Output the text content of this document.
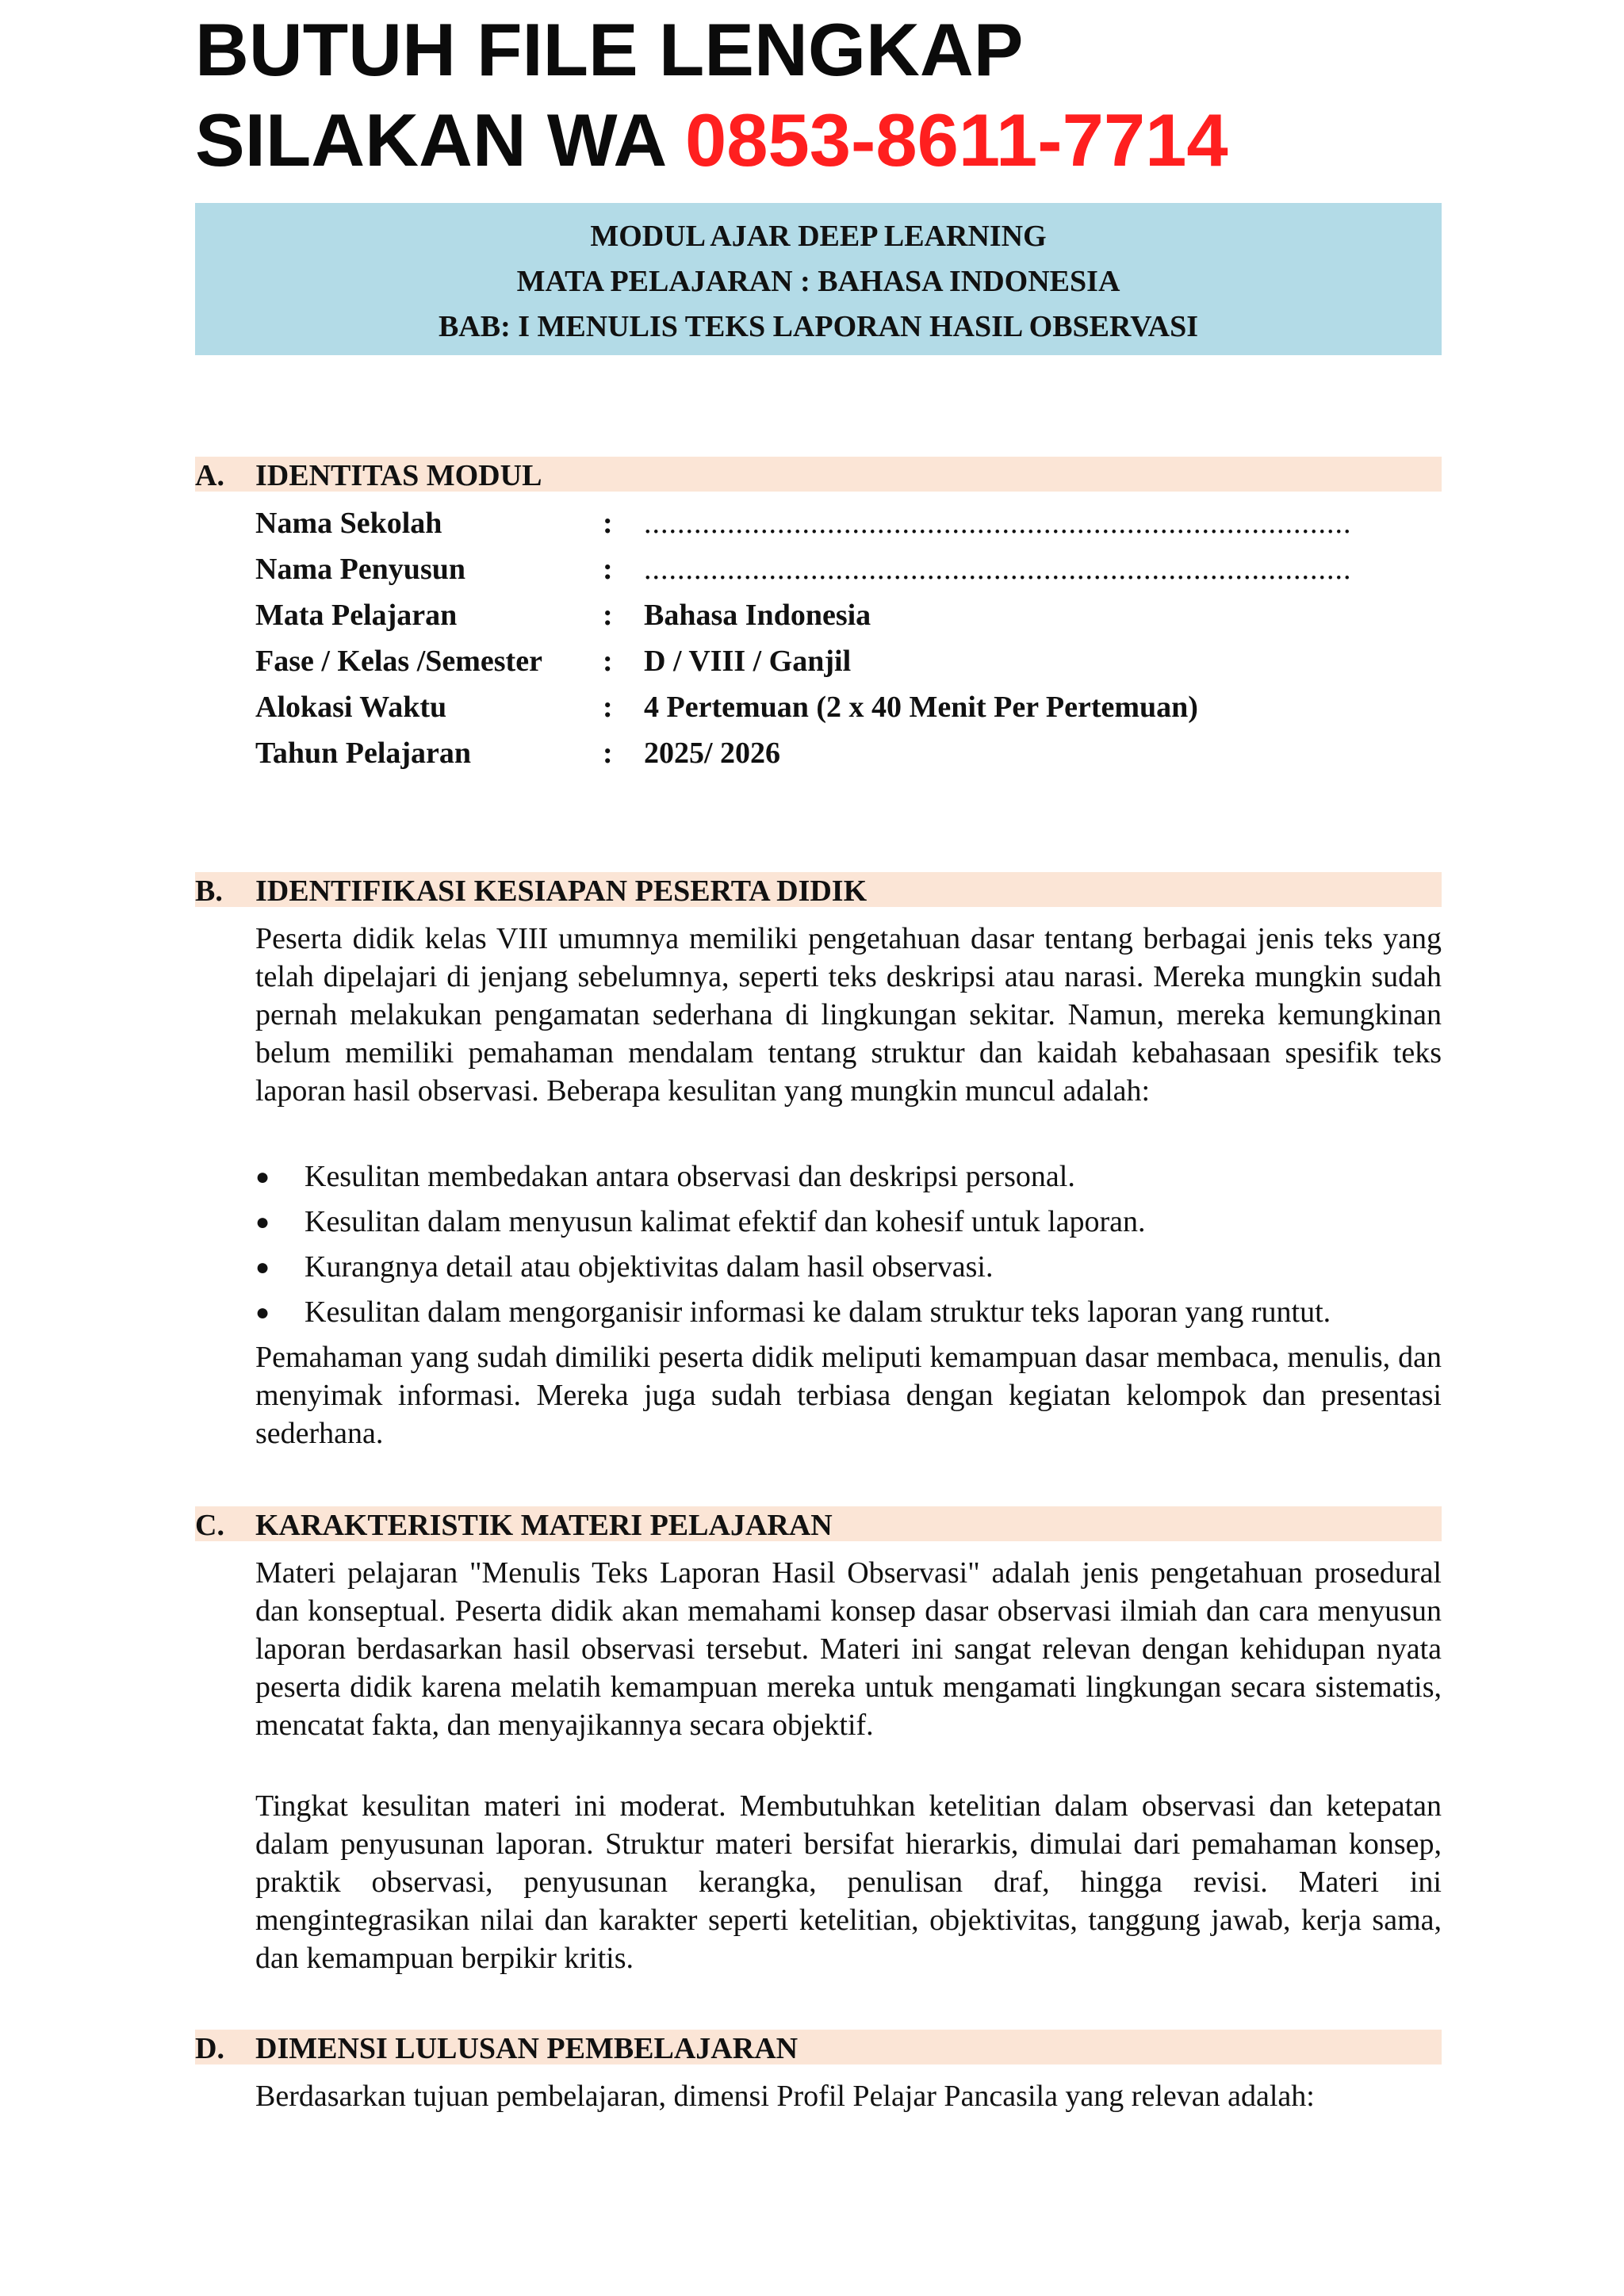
BUTUH FILE LENGKAP
SILAKAN WA 0853-8611-7714
MODUL AJAR DEEP LEARNING
MATA PELAJARAN : BAHASA INDONESIA
BAB: I MENULIS TEKS LAPORAN HASIL OBSERVASI
A. IDENTITAS MODUL
Nama Sekolah	: .....................................................................................
Nama Penyusun	: .....................................................................................
Mata Pelajaran	: Bahasa Indonesia
Fase / Kelas /Semester : D / VIII / Ganjil
Alokasi Waktu	: 4 Pertemuan (2 x 40 Menit Per Pertemuan)
Tahun Pelajaran	: 2025/ 2026
B. IDENTIFIKASI KESIAPAN PESERTA DIDIK
Peserta didik kelas VIII umumnya memiliki pengetahuan dasar tentang berbagai jenis teks yang telah dipelajari di jenjang sebelumnya, seperti teks deskripsi atau narasi. Mereka mungkin sudah pernah melakukan pengamatan sederhana di lingkungan sekitar. Namun, mereka kemungkinan belum memiliki pemahaman mendalam tentang struktur dan kaidah kebahasaan spesifik teks laporan hasil observasi. Beberapa kesulitan yang mungkin muncul adalah:
● Kesulitan membedakan antara observasi dan deskripsi personal.
● Kesulitan dalam menyusun kalimat efektif dan kohesif untuk laporan.
● Kurangnya detail atau objektivitas dalam hasil observasi.
● Kesulitan dalam mengorganisir informasi ke dalam struktur teks laporan yang runtut.
Pemahaman yang sudah dimiliki peserta didik meliputi kemampuan dasar membaca, menulis, dan menyimak informasi. Mereka juga sudah terbiasa dengan kegiatan kelompok dan presentasi sederhana.
C. KARAKTERISTIK MATERI PELAJARAN
Materi pelajaran "Menulis Teks Laporan Hasil Observasi" adalah jenis pengetahuan prosedural dan konseptual. Peserta didik akan memahami konsep dasar observasi ilmiah dan cara menyusun laporan berdasarkan hasil observasi tersebut. Materi ini sangat relevan dengan kehidupan nyata peserta didik karena melatih kemampuan mereka untuk mengamati lingkungan secara sistematis, mencatat fakta, dan menyajikannya secara objektif.
Tingkat kesulitan materi ini moderat. Membutuhkan ketelitian dalam observasi dan ketepatan dalam penyusunan laporan. Struktur materi bersifat hierarkis, dimulai dari pemahaman konsep, praktik observasi, penyusunan kerangka, penulisan draf, hingga revisi. Materi ini mengintegrasikan nilai dan karakter seperti ketelitian, objektivitas, tanggung jawab, kerja sama, dan kemampuan berpikir kritis.
D. DIMENSI LULUSAN PEMBELAJARAN
Berdasarkan tujuan pembelajaran, dimensi Profil Pelajar Pancasila yang relevan adalah:
